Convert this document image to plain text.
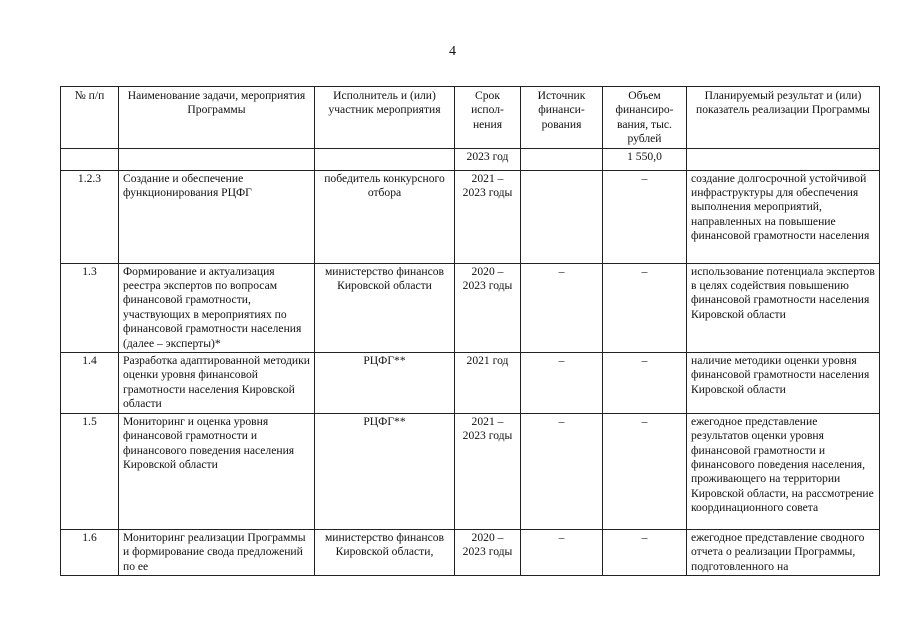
4
№ п/п	Наименование задачи, мероприятия Программы	Исполнитель и (или) участник мероприятия	Срок испол-нения	Источник финанси-рования	Объем финансиро-вания, тыс. рублей	Планируемый результат и (или) показатель реализации Программы
			2023 год		1 550,0	
1.2.3	Создание и обеспечение функционирования РЦФГ	победитель конкурсного отбора	2021 – 2023 годы		–	создание долгосрочной устойчивой инфраструктуры для обеспечения выполнения мероприятий, направленных на повышение финансовой грамотности населения
1.3	Формирование и актуализация реестра экспертов по вопросам финансовой грамотности, участвующих в мероприятиях по финансовой грамотности населения (далее – эксперты)*	министерство финансов Кировской области	2020 – 2023 годы	–	–	использование потенциала экспертов в целях содействия повышению финансовой грамотности населения Кировской области
1.4	Разработка адаптированной методики оценки уровня финансовой грамотности населения Кировской области	РЦФГ**	2021 год	–	–	наличие методики оценки уровня финансовой грамотности населения Кировской области
1.5	Мониторинг и оценка уровня финансовой грамотности и финансового поведения населения Кировской области	РЦФГ**	2021 – 2023 годы	–	–	ежегодное представление результатов оценки уровня финансовой грамотности и финансового поведения населения, проживающего на территории Кировской области, на рассмотрение координационного совета
1.6	Мониторинг реализации Программы и формирование свода предложений по ее	министерство финансов Кировской области,	2020 – 2023 годы	–	–	ежегодное представление сводного отчета о реализации Программы, подготовленного на
